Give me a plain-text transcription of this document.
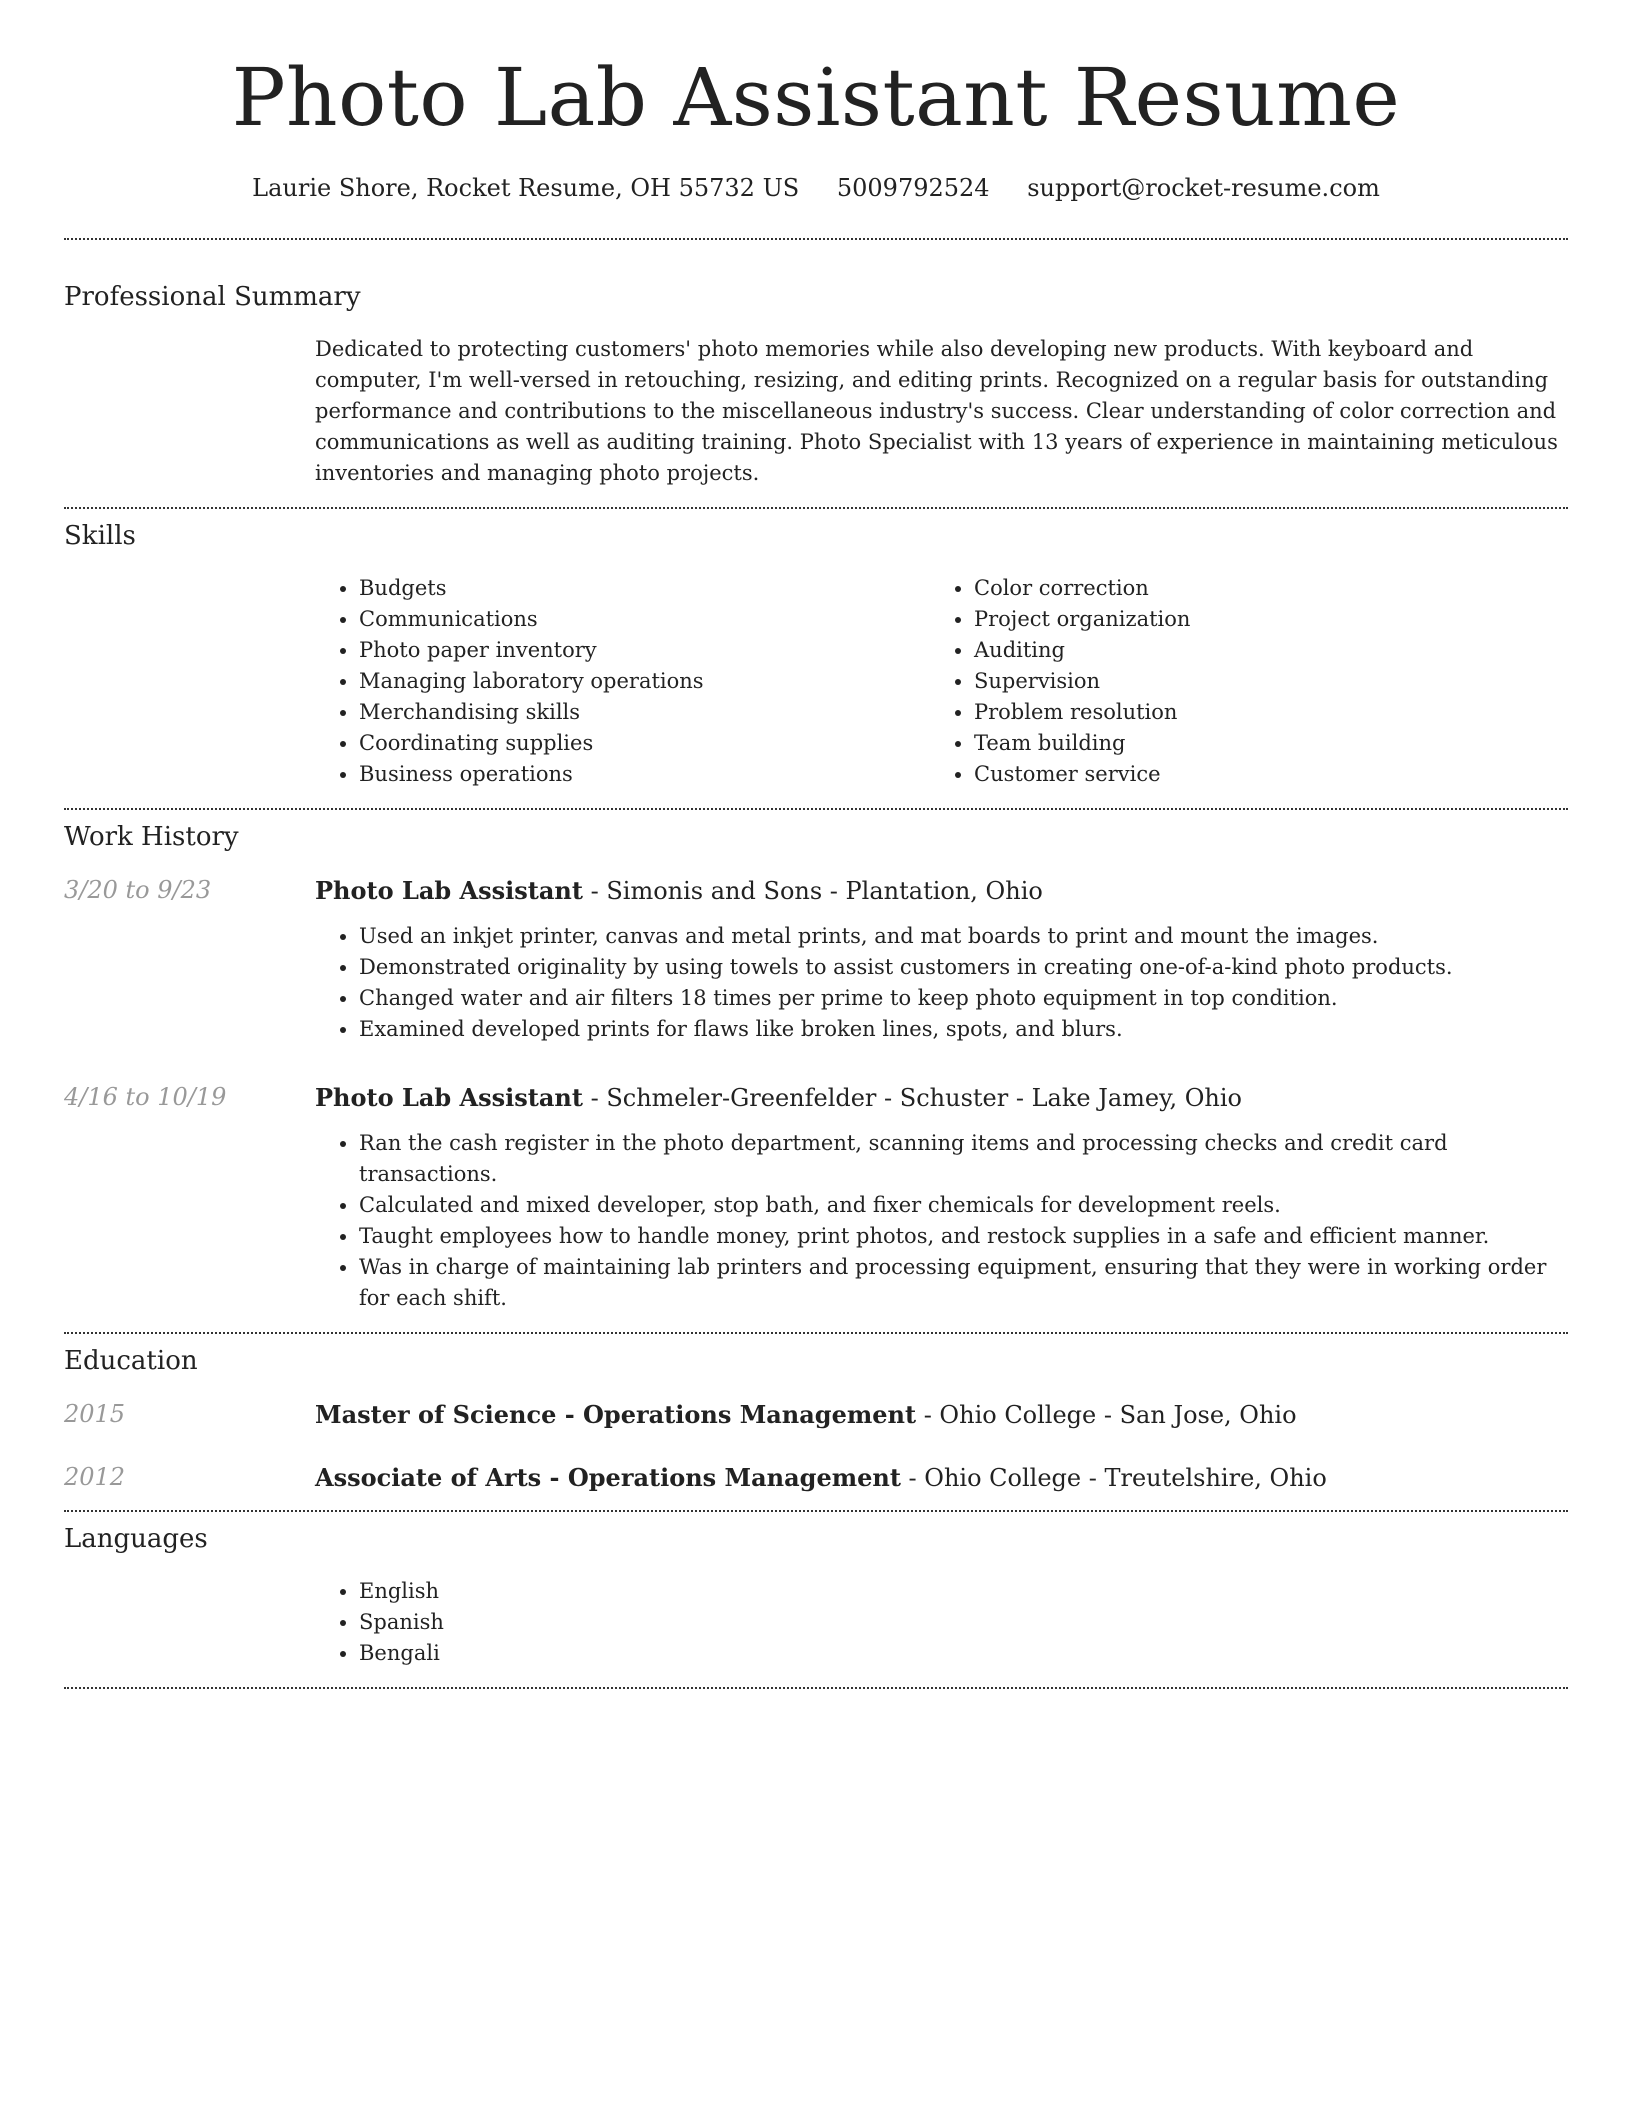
Photo Lab Assistant Resume
Laurie Shore, Rocket Resume, OH 55732 US 5009792524 support@rocket-resume.com
Professional Summary

Dedicated to protecting customers' photo memories while also developing new products. With keyboard and computer, I'm well-versed in retouching, resizing, and editing prints. Recognized on a regular basis for outstanding performance and contributions to the miscellaneous industry's success. Clear understanding of color correction and communications as well as auditing training. Photo Specialist with 13 years of experience in maintaining meticulous inventories and managing photo projects.

Skills
• Budgets
• Communications
• Photo paper inventory
• Managing laboratory operations
• Merchandising skills
• Coordinating supplies
• Business operations
• Color correction
• Project organization
• Auditing
• Supervision
• Problem resolution
• Team building
• Customer service
Work History
3/20 to 9/23	Photo Lab Assistant - Simonis and Sons - Plantation, Ohio
• Used an inkjet printer, canvas and metal prints, and mat boards to print and mount the images.
• Demonstrated originality by using towels to assist customers in creating one-of-a-kind photo products.
• Changed water and air filters 18 times per prime to keep photo equipment in top condition.
• Examined developed prints for flaws like broken lines, spots, and blurs.
4/16 to 10/19	Photo Lab Assistant - Schmeler-Greenfelder - Schuster - Lake Jamey, Ohio
• Ran the cash register in the photo department, scanning items and processing checks and credit card transactions.
• Calculated and mixed developer, stop bath, and fixer chemicals for development reels.
• Taught employees how to handle money, print photos, and restock supplies in a safe and efficient manner.
• Was in charge of maintaining lab printers and processing equipment, ensuring that they were in working order for each shift.
Education
2015	Master of Science - Operations Management - Ohio College - San Jose, Ohio
2012	Associate of Arts - Operations Management - Ohio College - Treutelshire, Ohio
Languages
• English
• Spanish
• Bengali
